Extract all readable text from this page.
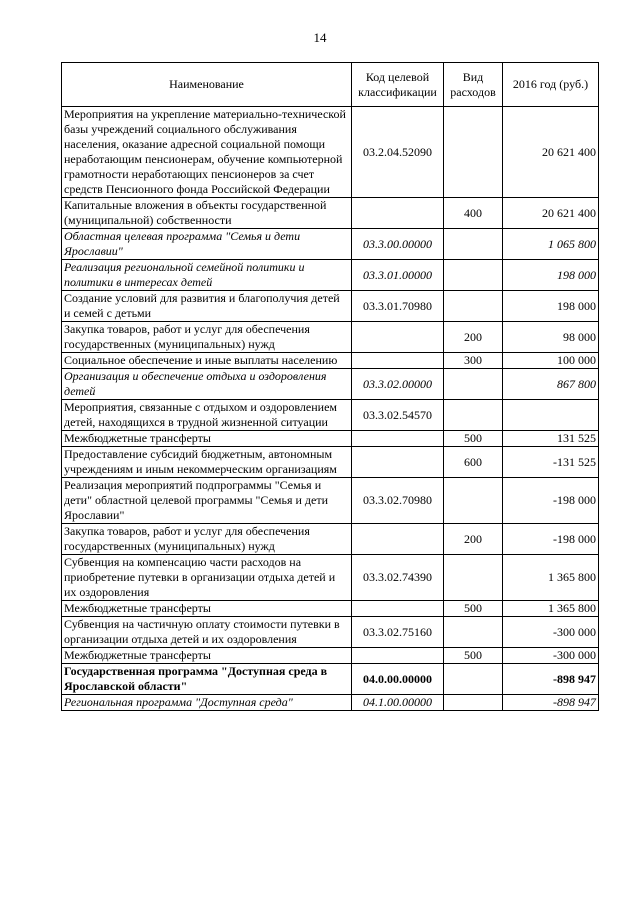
14
Наименование	Код целевой классификации	Вид расходов	2016 год (руб.)
Мероприятия на укрепление материально-технической базы учреждений социального обслуживания населения, оказание адресной социальной помощи неработающим пенсионерам, обучение компьютерной грамотности неработающих пенсионеров за счет средств Пенсионного фонда Российской Федерации	03.2.04.52090		20 621 400
Капитальные вложения в объекты государственной (муниципальной) собственности		400	20 621 400
Областная целевая программа "Семья и дети Ярославии"	03.3.00.00000		1 065 800
Реализация региональной семейной политики и политики в интересах детей	03.3.01.00000		198 000
Создание условий для развития и благополучия детей и семей с детьми	03.3.01.70980		198 000
Закупка товаров, работ и услуг для обеспечения государственных (муниципальных) нужд		200	98 000
Социальное обеспечение и иные выплаты населению		300	100 000
Организация и обеспечение отдыха и оздоровления детей	03.3.02.00000		867 800
Мероприятия, связанные с отдыхом и оздоровлением детей, находящихся в трудной жизненной ситуации	03.3.02.54570		
Межбюджетные трансферты		500	131 525
Предоставление субсидий бюджетным, автономным учреждениям и иным некоммерческим организациям		600	-131 525
Реализация мероприятий подпрограммы "Семья и дети" областной целевой программы "Семья и дети Ярославии"	03.3.02.70980		-198 000
Закупка товаров, работ и услуг для обеспечения государственных (муниципальных) нужд		200	-198 000
Субвенция на компенсацию части расходов на приобретение путевки в организации отдыха детей и их оздоровления	03.3.02.74390		1 365 800
Межбюджетные трансферты		500	1 365 800
Субвенция на частичную оплату стоимости путевки в организации отдыха детей и их оздоровления	03.3.02.75160		-300 000
Межбюджетные трансферты		500	-300 000
Государственная программа "Доступная среда в Ярославской области"	04.0.00.00000		-898 947
Региональная программа "Доступная среда"	04.1.00.00000		-898 947
